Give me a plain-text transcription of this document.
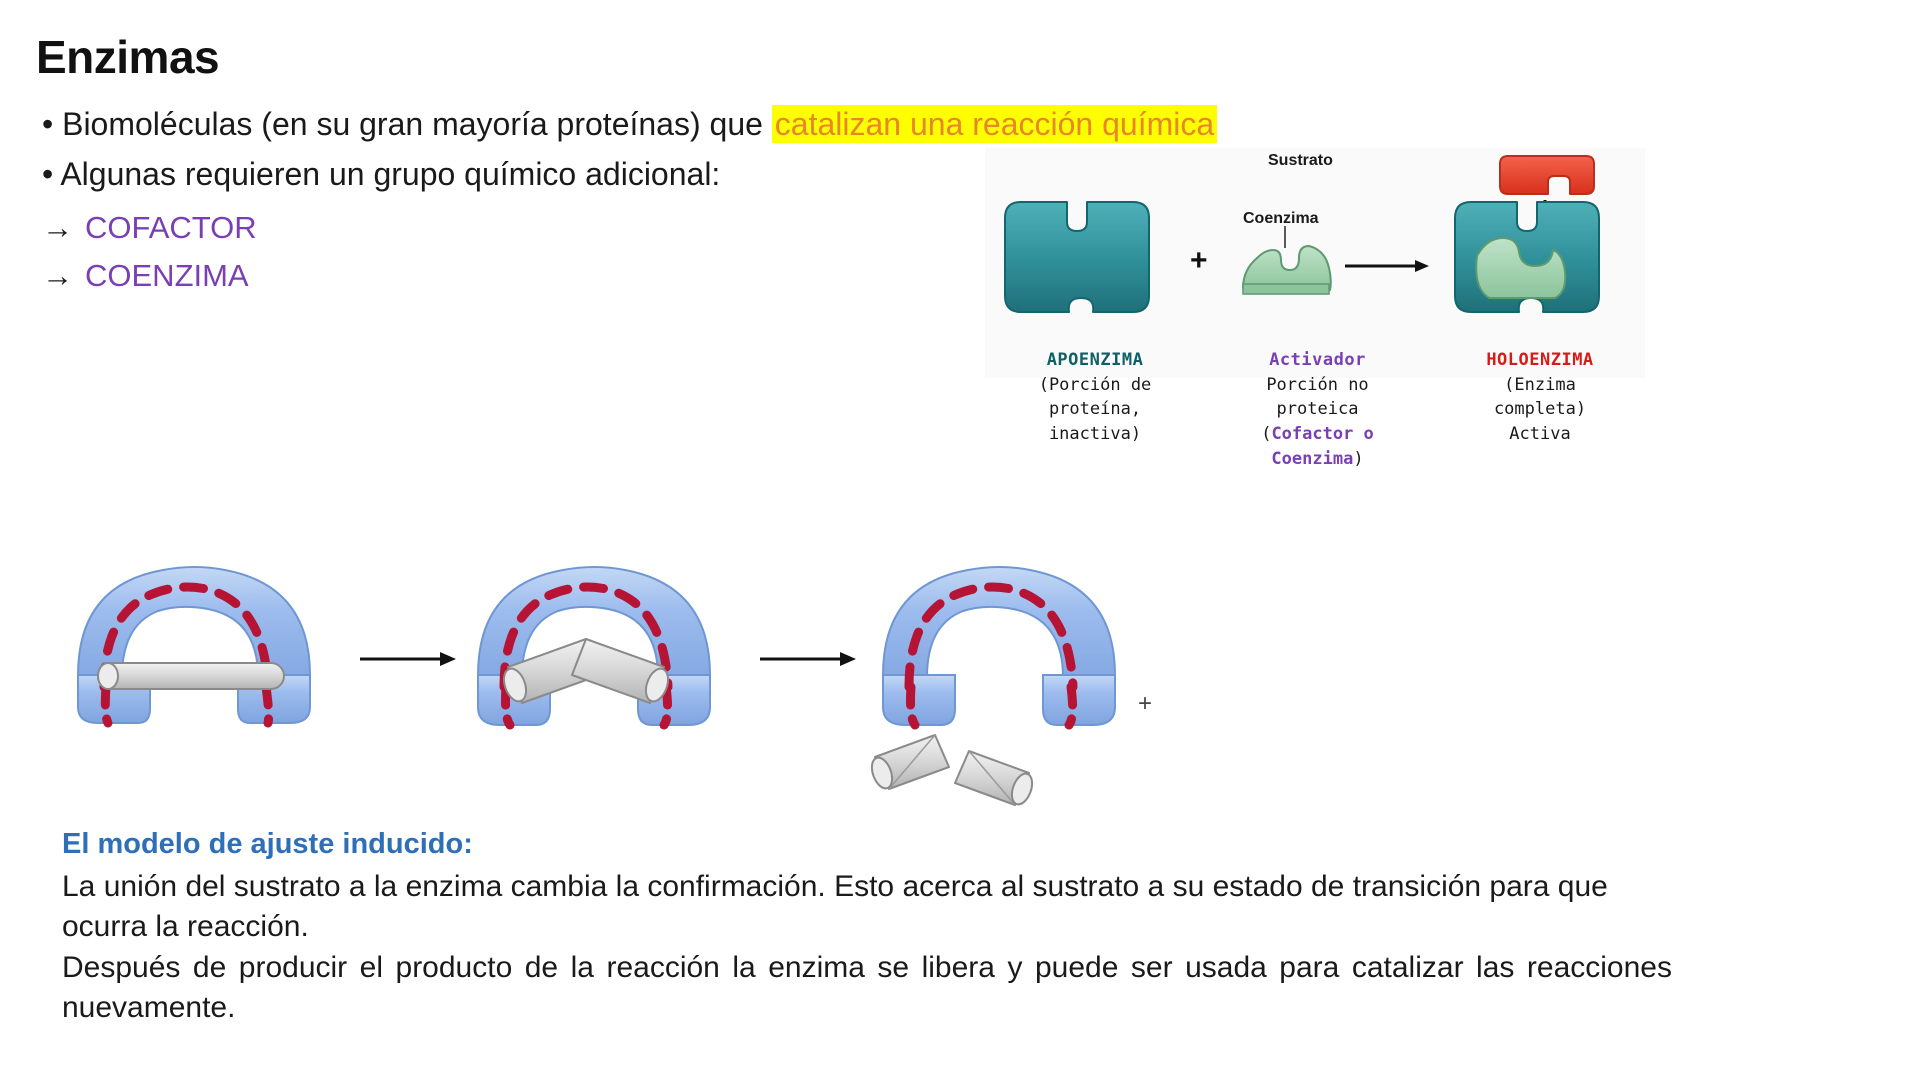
Enzimas
• Biomoléculas (en su gran mayoría proteínas) que catalizan una reacción química
• Algunas requieren un grupo químico adicional:
→ COFACTOR
→ COENZIMA	+
Sustrato
Coenzima
APOENZIMA
(Porción de
proteína,
inactiva)
Activador
Porción no
proteica
(Cofactor o
Coenzima)
HOLOENZIMA
(Enzima
completa)
Activa
+
El modelo de ajuste inducido:

La unión del sustrato a la enzima cambia la confirmación. Esto acerca al sustrato a su estado de transición para que ocurra la reacción.

Después de producir el producto de la reacción la enzima se libera y puede ser usada para catalizar las reacciones nuevamente.
